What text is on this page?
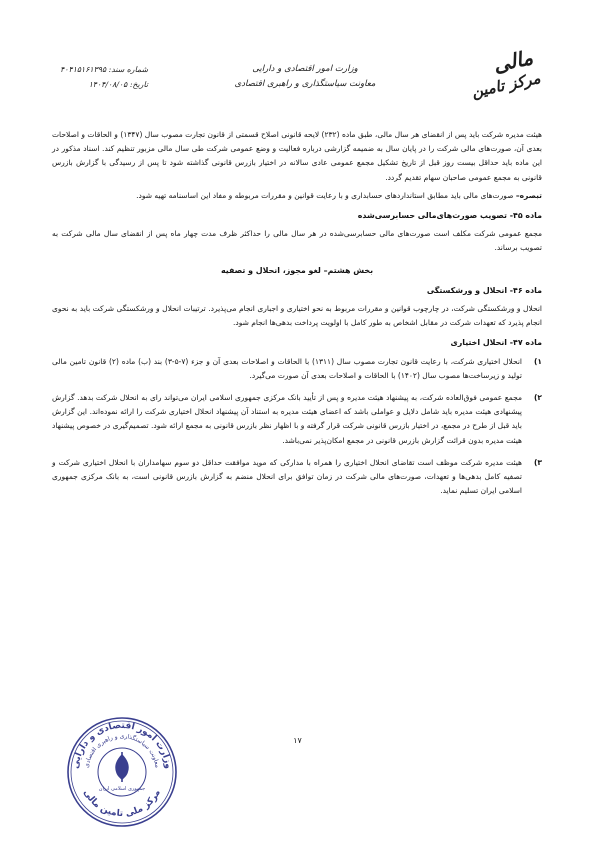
مالی
مرکز تامین
وزارت امور اقتصادی و دارایی
معاونت سیاستگذاری و راهبری اقتصادی
شماره سند: ۴۰۴۱۵۱۶۱۳۹۵
تاریخ: ۱۴۰۴/۰۸/۰۵

هیئت مدیره شرکت باید پس از انقضای هر سال مالی، طبق ماده (۲۳۲) لایحه قانونی اصلاح قسمتی از قانون تجارت مصوب سال (۱۳۴۷) و الحاقات و اصلاحات بعدی آن، صورت‌های مالی شرکت را در پایان سال به ضمیمه گزارشی درباره فعالیت و وضع عمومی شرکت طی سال مالی مزبور تنظیم کند. اسناد مذکور در این ماده باید حداقل بیست روز قبل از تاریخ تشکیل مجمع عمومی عادی سالانه در اختیار بازرس قانونی گذاشته شود تا پس از رسیدگی با گزارش بازرس قانونی به مجمع عمومی صاحبان سهام تقدیم گردد.

تبصره– صورت‌های مالی باید مطابق استانداردهای حسابداری و با رعایت قوانین و مقررات مربوطه و مفاد این اساسنامه تهیه شود.

ماده ۴۵- تصویب صورت‌های‌مالی حسابرسی‌شده

مجمع عمومی شرکت مکلف است صورت‌های مالی حسابرسی‌شده در هر سال مالی را حداکثر ظرف مدت چهار ماه پس از انقضای سال مالی شرکت به تصویب برساند.

بخش هشتم– لغو مجوز، انحلال و تصفیه
ماده ۴۶- انحلال و ورشکستگی

انحلال و ورشکستگی شرکت، در چارچوب قوانین و مقررات مربوط به نحو اختیاری و اجباری انجام می‌پذیرد. ترتیبات انحلال و ورشکستگی شرکت باید به نحوی انجام پذیرد که تعهدات شرکت در مقابل اشخاص به طور کامل با اولویت پرداخت بدهی‌ها انجام شود.

ماده ۴۷- انحلال اختیاری
۱)
انحلال اختیاری شرکت، با رعایت قانون تجارت مصوب سال (۱۳۱۱) با الحاقات و اصلاحات بعدی آن و جزء (۷-۵-۳) بند (ب) ماده (۲) قانون تامین مالی تولید و زیرساخت‌ها مصوب سال (۱۴۰۲) با الحاقات و اصلاحات بعدی آن صورت می‌گیرد.
۲)
مجمع عمومی فوق‌العاده شرکت، به پیشنهاد هیئت مدیره و پس از تأیید بانک مرکزی جمهوری اسلامی ایران می‌تواند رای به انحلال شرکت بدهد. گزارش پیشنهادی هیئت مدیره باید شامل دلایل و عواملی باشد که اعضای هیئت مدیره به استناد آن پیشنهاد انحلال اختیاری شرکت را ارائه نموده‌اند. این گزارش باید قبل از طرح در مجمع، در اختیار بازرس قانونی شرکت قرار گرفته و با اظهار نظر بازرس قانونی به مجمع ارائه شود. تصمیم‌گیری در خصوص پیشنهاد هیئت مدیره بدون قرائت گزارش بازرس قانونی در مجمع امکان‌پذیر نمی‌باشد.
۳)
هیئت مدیره شرکت موظف است تقاضای انحلال اختیاری را همراه با مدارکی که موید موافقت حداقل دو سوم سهامداران با انحلال اختیاری شرکت و تصفیه کامل بدهی‌ها و تعهدات، صورت‌های مالی شرکت در زمان توافق برای انحلال منضم به گزارش بازرس قانونی است، به بانک مرکزی جمهوری اسلامی ایران تسلیم نماید.
۱۷
وزارت امور اقتصادی و دارایی
معاونت سیاستگذاری و راهبری اقتصادی
جمهوری اسلامی ایران
مرکز ملی تامین مالی
